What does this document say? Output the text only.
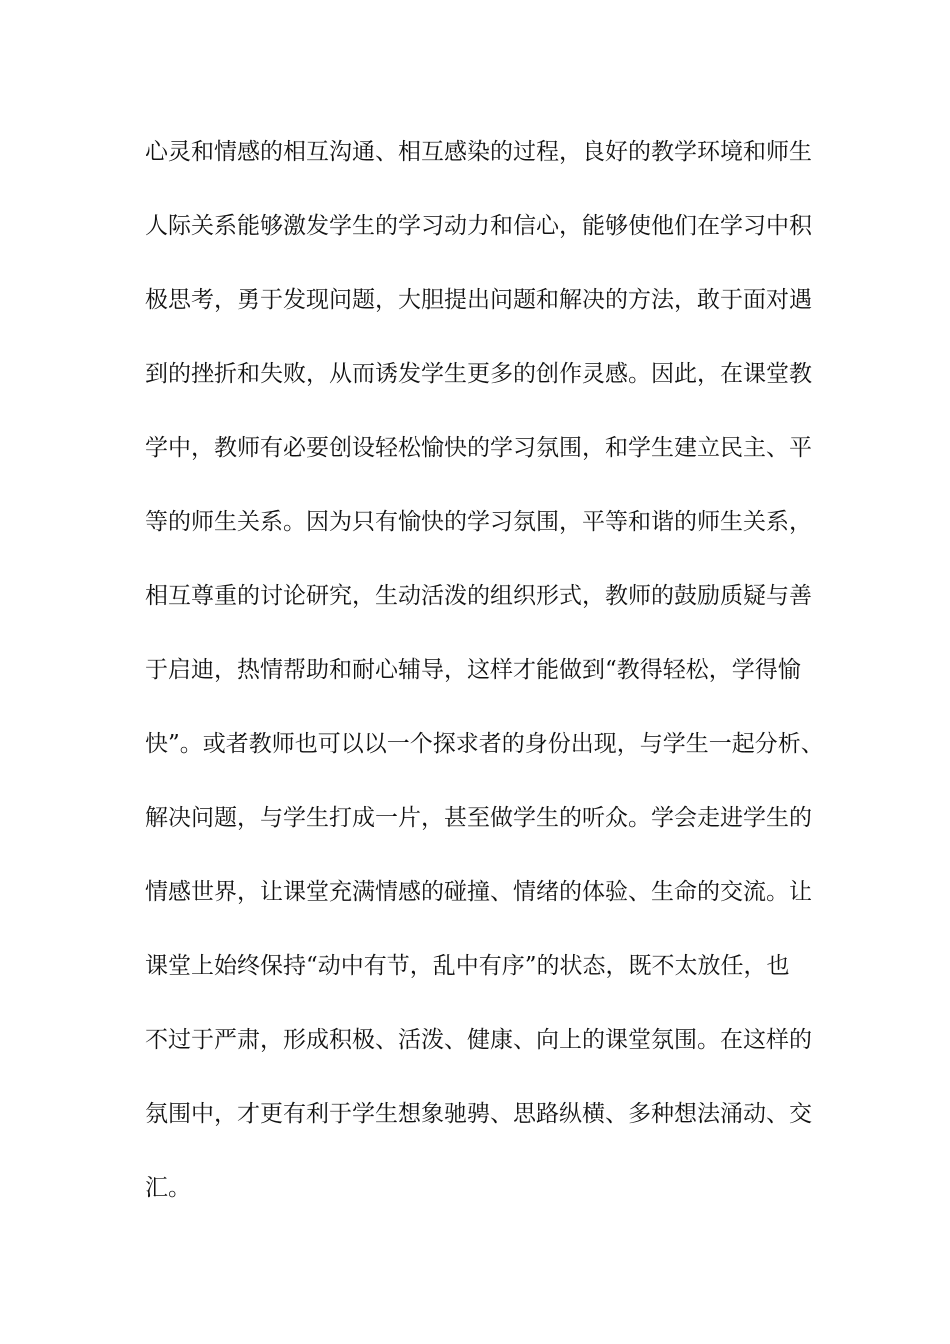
心灵和情感的相互沟通、相互感染的过程，良好的教学环境和师生
人际关系能够激发学生的学习动力和信心，能够使他们在学习中积
极思考，勇于发现问题，大胆提出问题和解决的方法，敢于面对遇
到的挫折和失败，从而诱发学生更多的创作灵感。因此，在课堂教
学中，教师有必要创设轻松愉快的学习氛围，和学生建立民主、平
等的师生关系。因为只有愉快的学习氛围，平等和谐的师生关系，
相互尊重的讨论研究，生动活泼的组织形式，教师的鼓励质疑与善
于启迪，热情帮助和耐心辅导，这样才能做到“教得轻松，学得愉
快”。或者教师也可以以一个探求者的身份出现，与学生一起分析、
解决问题，与学生打成一片，甚至做学生的听众。学会走进学生的
情感世界，让课堂充满情感的碰撞、情绪的体验、生命的交流。让
课堂上始终保持“动中有节，乱中有序”的状态，既不太放任，也
不过于严肃，形成积极、活泼、健康、向上的课堂氛围。在这样的
氛围中，才更有利于学生想象驰骋、思路纵横、多种想法涌动、交
汇。
